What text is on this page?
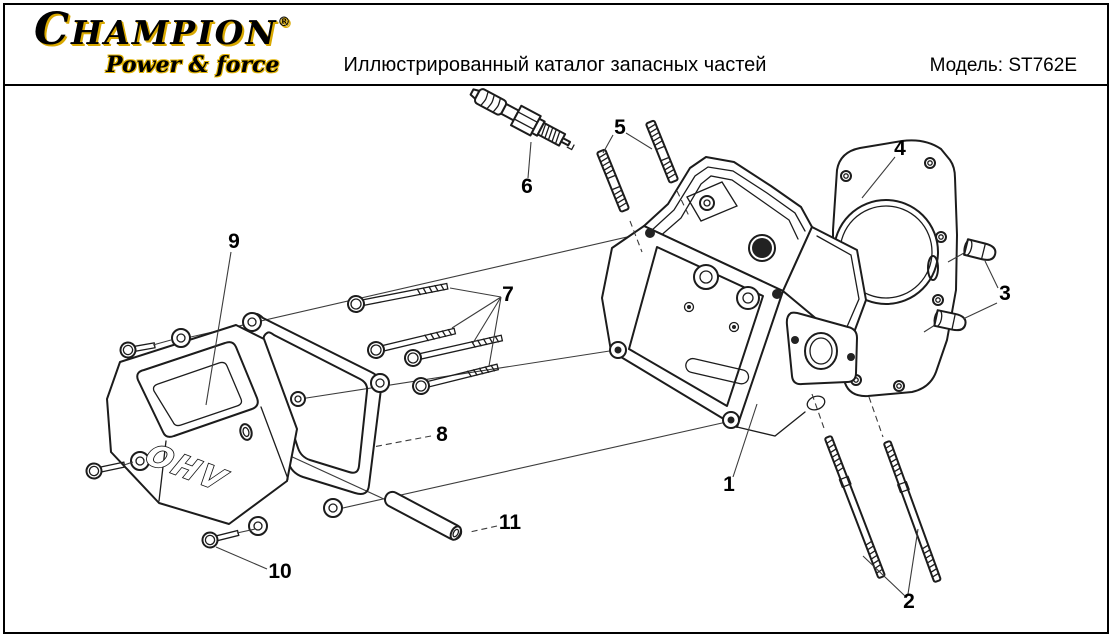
CHAMPION®
Power & force	Иллюстрированный каталог запасных частей	Модель: ST762E
OHV	1
2
3
4
5
6
7
8
9
10
11
